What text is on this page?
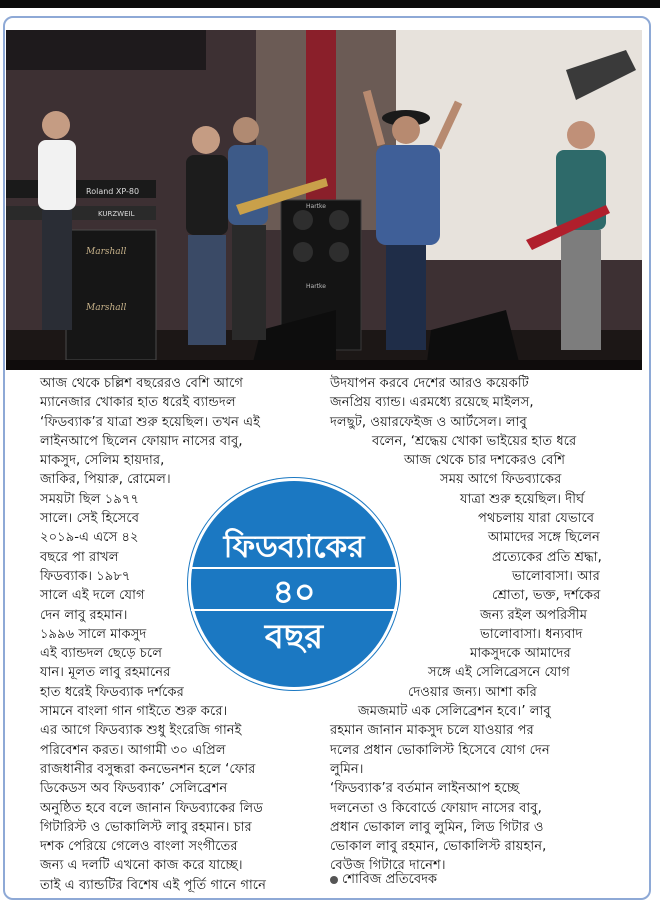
Roland XP-80
KURZWEIL
Marshall
Marshall
Hartke
Hartke
আজ থেকে চল্লিশ বছরেরও বেশি আগে
ম্যানেজার খোকার হাত ধরেই ব্যান্ডদল
‘ফিডব্যাক’র যাত্রা শুরু হয়েছিল। তখন এই
লাইনআপে ছিলেন ফোয়াদ নাসের বাবু,
মাকসুদ, সেলিম হায়দার,
জাকির, পিয়ারু, রোমেল।
সময়টা ছিল ১৯৭৭
সালে। সেই হিসেবে
২০১৯-এ এসে ৪২
বছরে পা রাখল
ফিডব্যাক। ১৯৮৭
সালে এই দলে যোগ
দেন লাবু রহমান।
১৯৯৬ সালে মাকসুদ
এই ব্যান্ডদল ছেড়ে চলে
যান। মূলত লাবু রহমানের
হাত ধরেই ফিডব্যাক দর্শকের
সামনে বাংলা গান গাইতে শুরু করে।
এর আগে ফিডব্যাক শুধু ইংরেজি গানই
পরিবেশন করত। আগামী ৩০ এপ্রিল
রাজধানীর বসুন্ধরা কনভেনশন হলে ‘ফোর
ডিকেডস অব ফিডব্যাক’ সেলিব্রেশন
অনুষ্ঠিত হবে বলে জানান ফিডব্যাকের লিড
গিটারিস্ট ও ভোকালিস্ট লাবু রহমান। চার
দশক পেরিয়ে গেলেও বাংলা সংগীতের
জন্য এ দলটি এখনো কাজ করে যাচ্ছে।
তাই এ ব্যান্ডটির বিশেষ এই পূর্তি গানে গানে
উদযাপন করবে দেশের আরও কয়েকটি
জনপ্রিয় ব্যান্ড। এরমধ্যে রয়েছে মাইলস,
দলছুট, ওয়ারফেইজ ও আর্টসেল। লাবু
বলেন, ‘শ্রদ্ধেয় খোকা ভাইয়ের হাত ধরে
আজ থেকে চার দশকেরও বেশি
সময় আগে ফিডব্যাকের
যাত্রা শুরু হয়েছিল। দীর্ঘ
পথচলায় যারা যেভাবে
আমাদের সঙ্গে ছিলেন
প্রত্যেকের প্রতি শ্রদ্ধা,
ভালোবাসা। আর
শ্রোতা, ভক্ত, দর্শকের
জন্য রইল অপরিসীম
ভালোবাসা। ধন্যবাদ
মাকসুদকে আমাদের
সঙ্গে এই সেলিব্রেসনে যোগ
দেওয়ার জন্য। আশা করি
জমজমাট এক সেলিব্রেশন হবে।’ লাবু
রহমান জানান মাকসুদ চলে যাওয়ার পর
দলের প্রধান ভোকালিস্ট হিসেবে যোগ দেন
লুমিন।
‘ফিডব্যাক’র বর্তমান লাইনআপ হচ্ছে
দলনেতা ও কিবোর্ডে ফোয়াদ নাসের বাবু,
প্রধান ভোকাল লাবু লুমিন, লিড গিটার ও
ভোকাল লাবু রহমান, ভোকালিস্ট রায়হান,
বেউজ গিটারে দানেশ।
ফিডব্যাকের
৪০
বছর
শোবিজ প্রতিবেদক
